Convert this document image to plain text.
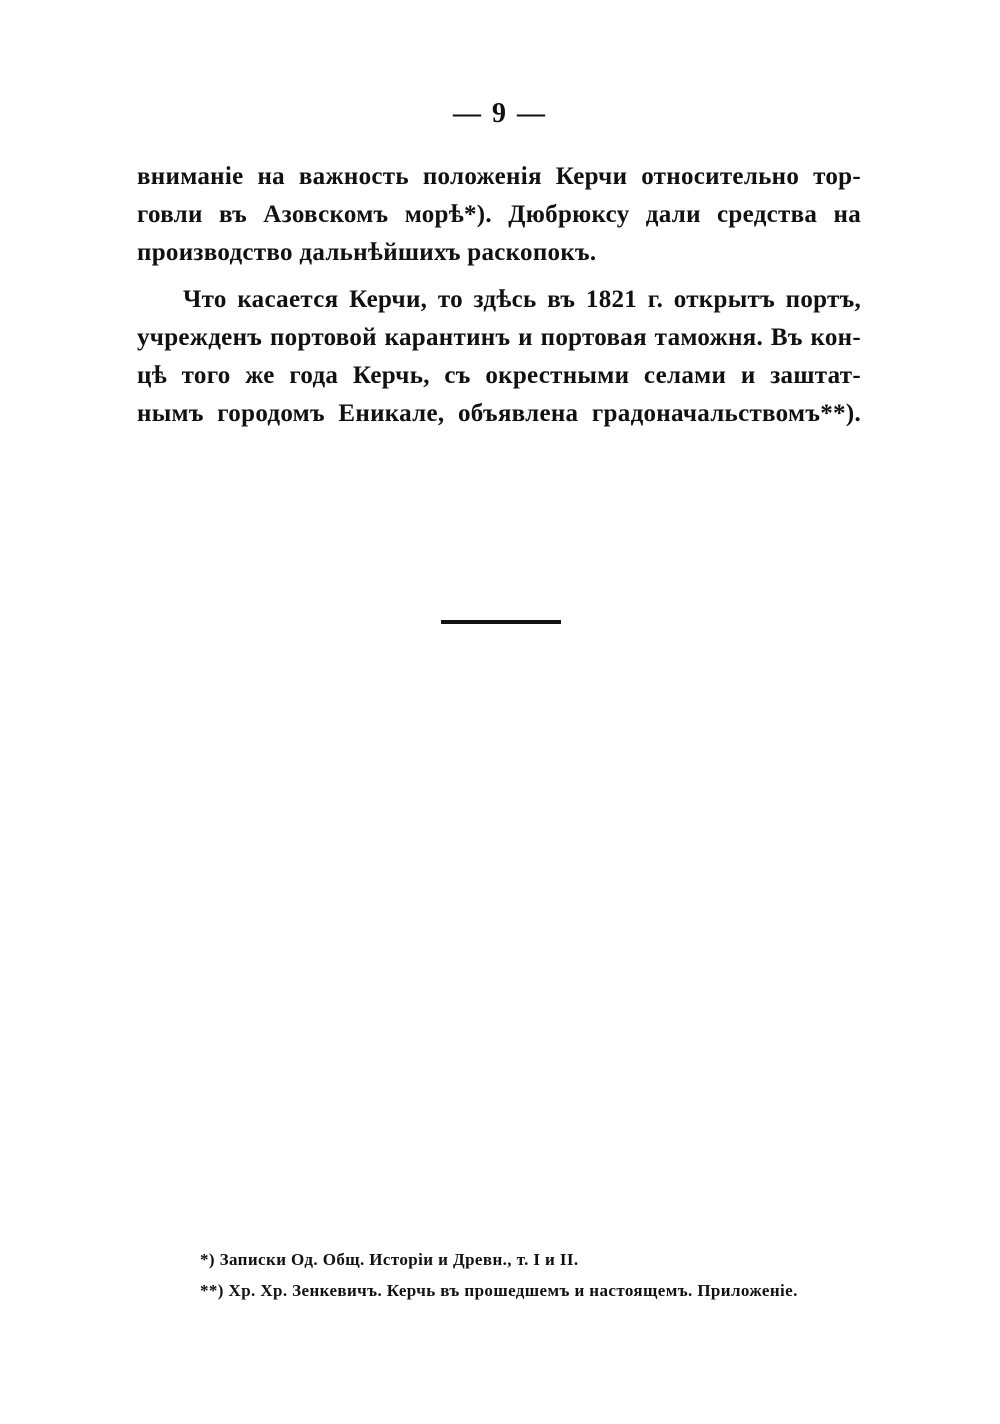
— 9 —
вниманіе на важность положенія Керчи относительно тор-
говли въ Азовскомъ морѣ*). Дюбрюксу дали средства на
производство дальнѣйшихъ раскопокъ.
Что касается Керчи, то здѣсь въ 1821 г. открытъ портъ,
учрежденъ портовой карантинъ и портовая таможня. Въ кон-
цѣ того же года Керчь, съ окрестными селами и заштат-
нымъ городомъ Еникале, объявлена градоначальствомъ**).
*) Записки Од. Общ. Исторіи и Древн., т. I и II.
**) Хр. Хр. Зенкевичъ. Керчь въ прошедшемъ и настоящемъ. Приложеніе.
